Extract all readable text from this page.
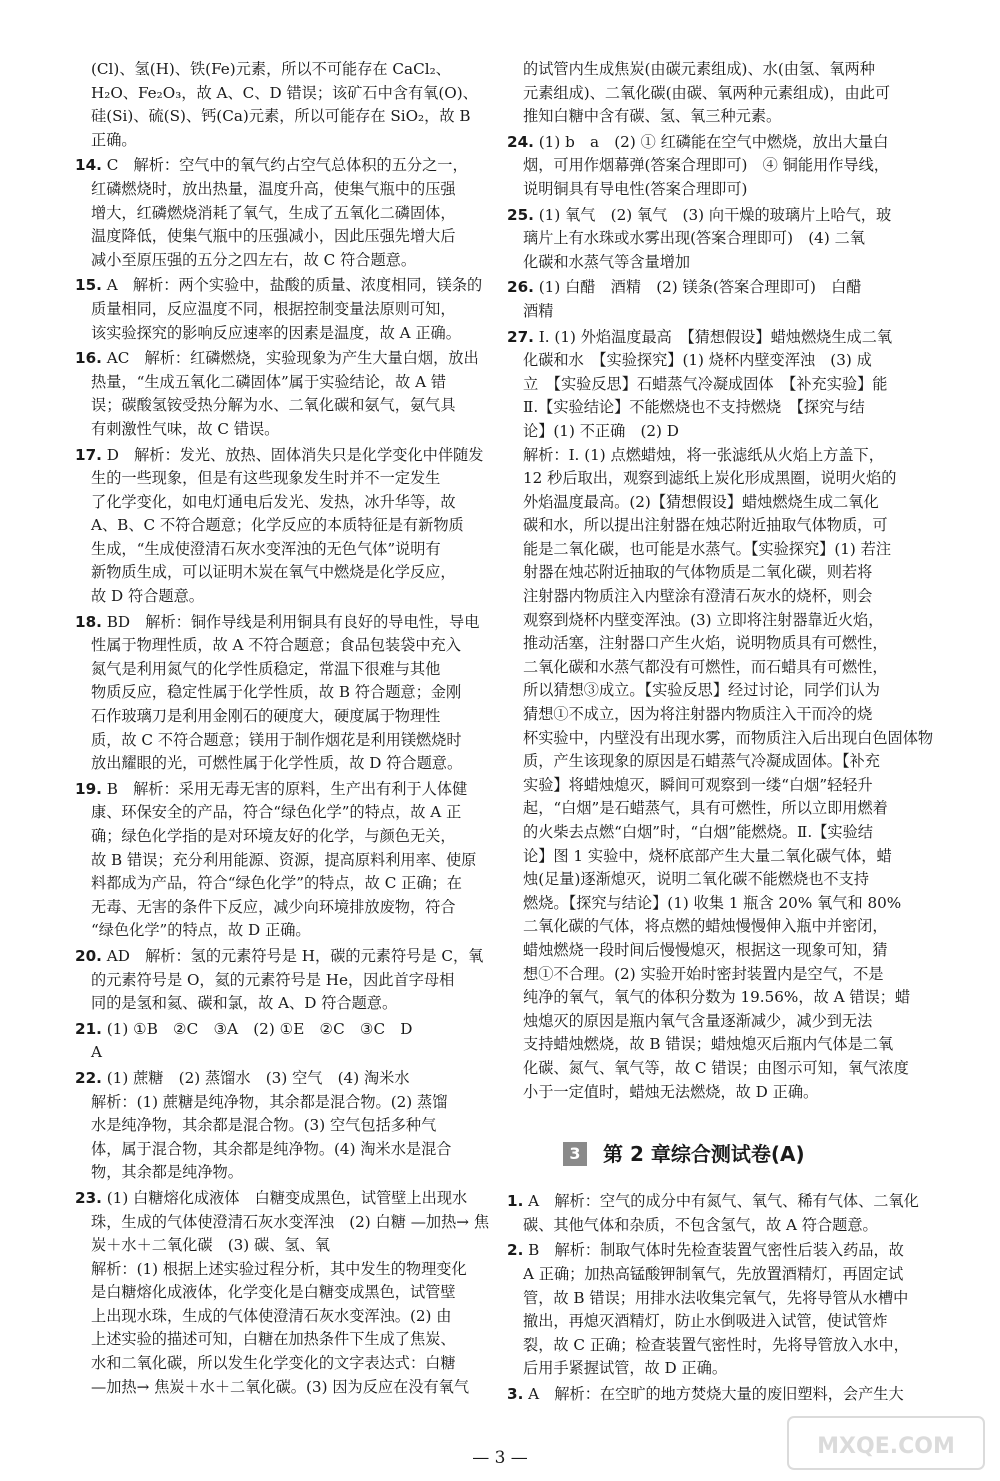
(Cl)、氢(H)、铁(Fe)元素，所以不可能存在 CaCl₂、
H₂O、Fe₂O₃，故 A、C、D 错误；该矿石中含有氧(O)、
硅(Si)、硫(S)、钙(Ca)元素，所以可能存在 SiO₂，故 B
正确。
14. C　解析：空气中的氧气约占空气总体积的五分之一，
红磷燃烧时，放出热量，温度升高，使集气瓶中的压强
增大，红磷燃烧消耗了氧气，生成了五氧化二磷固体，
温度降低，使集气瓶中的压强减小，因此压强先增大后
减小至原压强的五分之四左右，故 C 符合题意。
15. A　解析：两个实验中，盐酸的质量、浓度相同，镁条的
质量相同，反应温度不同，根据控制变量法原则可知，
该实验探究的影响反应速率的因素是温度，故 A 正确。
16. AC　解析：红磷燃烧，实验现象为产生大量白烟，放出
热量，“生成五氧化二磷固体”属于实验结论，故 A 错
误；碳酸氢铵受热分解为水、二氧化碳和氨气，氨气具
有刺激性气味，故 C 错误。
17. D　解析：发光、放热、固体消失只是化学变化中伴随发
生的一些现象，但是有这些现象发生时并不一定发生
了化学变化，如电灯通电后发光、发热，冰升华等，故
A、B、C 不符合题意；化学反应的本质特征是有新物质
生成，“生成使澄清石灰水变浑浊的无色气体”说明有
新物质生成，可以证明木炭在氧气中燃烧是化学反应，
故 D 符合题意。
18. BD　解析：铜作导线是利用铜具有良好的导电性，导电
性属于物理性质，故 A 不符合题意；食品包装袋中充入
氮气是利用氮气的化学性质稳定，常温下很难与其他
物质反应，稳定性属于化学性质，故 B 符合题意；金刚
石作玻璃刀是利用金刚石的硬度大，硬度属于物理性
质，故 C 不符合题意；镁用于制作烟花是利用镁燃烧时
放出耀眼的光，可燃性属于化学性质，故 D 符合题意。
19. B　解析：采用无毒无害的原料，生产出有利于人体健
康、环保安全的产品，符合“绿色化学”的特点，故 A 正
确；绿色化学指的是对环境友好的化学，与颜色无关，
故 B 错误；充分利用能源、资源，提高原料利用率、使原
料都成为产品，符合“绿色化学”的特点，故 C 正确；在
无毒、无害的条件下反应，减少向环境排放废物，符合
“绿色化学”的特点，故 D 正确。
20. AD　解析：氢的元素符号是 H，碳的元素符号是 C，氧
的元素符号是 O，氦的元素符号是 He，因此首字母相
同的是氢和氦、碳和氯，故 A、D 符合题意。
21. (1) ①B　②C　③A　(2) ①E　②C　③C　D
A
22. (1) 蔗糖　(2) 蒸馏水　(3) 空气　(4) 淘米水
解析：(1) 蔗糖是纯净物，其余都是混合物。(2) 蒸馏
水是纯净物，其余都是混合物。(3) 空气包括多种气
体，属于混合物，其余都是纯净物。(4) 淘米水是混合
物，其余都是纯净物。
23. (1) 白糖熔化成液体　白糖变成黑色，试管壁上出现水
珠，生成的气体使澄清石灰水变浑浊　(2) 白糖 —加热→ 焦
炭＋水＋二氧化碳　(3) 碳、氢、氧
解析：(1) 根据上述实验过程分析，其中发生的物理变化
是白糖熔化成液体，化学变化是白糖变成黑色，试管壁
上出现水珠，生成的气体使澄清石灰水变浑浊。(2) 由
上述实验的描述可知，白糖在加热条件下生成了焦炭、
水和二氧化碳，所以发生化学变化的文字表达式：白糖
—加热→ 焦炭＋水＋二氧化碳。(3) 因为反应在没有氧气
的试管内生成焦炭(由碳元素组成)、水(由氢、氧两种
元素组成)、二氧化碳(由碳、氧两种元素组成)，由此可
推知白糖中含有碳、氢、氧三种元素。
24. (1) b　a　(2) ① 红磷能在空气中燃烧，放出大量白
烟，可用作烟幕弹(答案合理即可)　④ 铜能用作导线，
说明铜具有导电性(答案合理即可)
25. (1) 氧气　(2) 氧气　(3) 向干燥的玻璃片上哈气，玻
璃片上有水珠或水雾出现(答案合理即可)　(4) 二氧
化碳和水蒸气等含量增加
26. (1) 白醋　酒精　(2) 镁条(答案合理即可)　白醋
酒精
27. Ⅰ. (1) 外焰温度最高　【猜想假设】蜡烛燃烧生成二氧
化碳和水　【实验探究】(1) 烧杯内壁变浑浊　(3) 成
立　【实验反思】石蜡蒸气冷凝成固体　【补充实验】能
Ⅱ.【实验结论】不能燃烧也不支持燃烧　【探究与结
论】(1) 不正确　(2) D
解析：Ⅰ. (1) 点燃蜡烛，将一张滤纸从火焰上方盖下，
12 秒后取出，观察到滤纸上炭化形成黑圈，说明火焰的
外焰温度最高。(2)【猜想假设】蜡烛燃烧生成二氧化
碳和水，所以提出注射器在烛芯附近抽取气体物质，可
能是二氧化碳，也可能是水蒸气。【实验探究】(1) 若注
射器在烛芯附近抽取的气体物质是二氧化碳，则若将
注射器内物质注入内壁涂有澄清石灰水的烧杯，则会
观察到烧杯内壁变浑浊。(3) 立即将注射器靠近火焰，
推动活塞，注射器口产生火焰，说明物质具有可燃性，
二氧化碳和水蒸气都没有可燃性，而石蜡具有可燃性，
所以猜想③成立。【实验反思】经过讨论，同学们认为
猜想①不成立，因为将注射器内物质注入干而冷的烧
杯实验中，内壁没有出现水雾，而物质注入后出现白色固体物
质，产生该现象的原因是石蜡蒸气冷凝成固体。【补充
实验】将蜡烛熄灭，瞬间可观察到一缕“白烟”轻轻升
起，“白烟”是石蜡蒸气，具有可燃性，所以立即用燃着
的火柴去点燃“白烟”时，“白烟”能燃烧。Ⅱ.【实验结
论】图 1 实验中，烧杯底部产生大量二氧化碳气体，蜡
烛(足量)逐渐熄灭，说明二氧化碳不能燃烧也不支持
燃烧。【探究与结论】(1) 收集 1 瓶含 20% 氧气和 80%
二氧化碳的气体，将点燃的蜡烛慢慢伸入瓶中并密闭，
蜡烛燃烧一段时间后慢慢熄灭，根据这一现象可知，猜
想①不合理。(2) 实验开始时密封装置内是空气，不是
纯净的氧气，氧气的体积分数为 19.56%，故 A 错误；蜡
烛熄灭的原因是瓶内氧气含量逐渐减少，减少到无法
支持蜡烛燃烧，故 B 错误；蜡烛熄灭后瓶内气体是二氧
化碳、氮气、氧气等，故 C 错误；由图示可知，氧气浓度
小于一定值时，蜡烛无法燃烧，故 D 正确。
3	第 2 章综合测试卷(A)
1. A　解析：空气的成分中有氮气、氧气、稀有气体、二氧化
碳、其他气体和杂质，不包含氢气，故 A 符合题意。
2. B　解析：制取气体时先检查装置气密性后装入药品，故
A 正确；加热高锰酸钾制氧气，先放置酒精灯，再固定试
管，故 B 错误；用排水法收集完氧气，先将导管从水槽中
撤出，再熄灭酒精灯，防止水倒吸进入试管，使试管炸
裂，故 C 正确；检查装置气密性时，先将导管放入水中，
后用手紧握试管，故 D 正确。
3. A　解析：在空旷的地方焚烧大量的废旧塑料，会产生大
— 3 —	MXQE.COM
